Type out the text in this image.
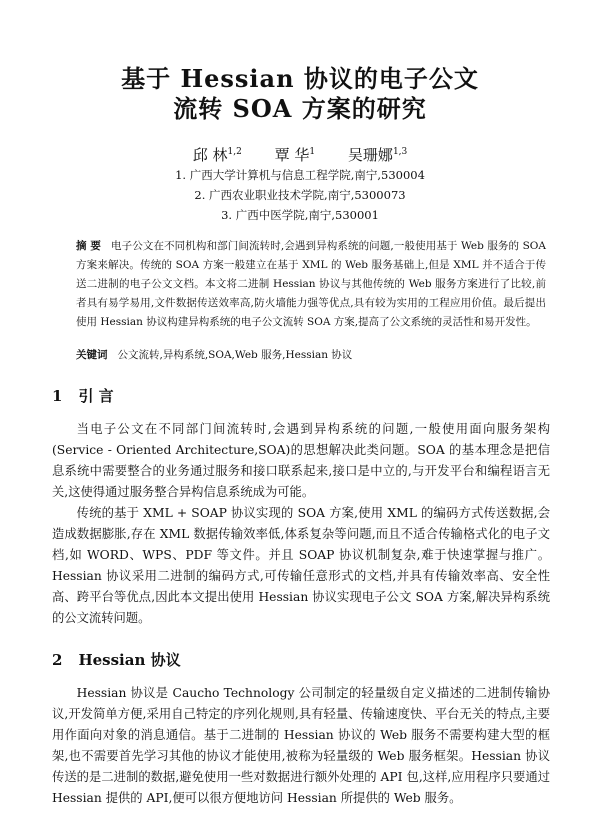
基于 Hessian 协议的电子公文
流转 SOA 方案的研究
邱 林$^{1,2}$ 覃 华$^1$ 吴珊娜$^{1,3}$
1. 广西大学计算机与信息工程学院,南宁,530004
2. 广西农业职业技术学院,南宁,5300073
3. 广西中医学院,南宁,530001
摘 要 电子公文在不同机构和部门间流转时,会遇到异构系统的问题,一般使用基于 Web 服务的 SOA 方案来解决。传统的 SOA 方案一般建立在基于 XML 的 Web 服务基础上,但是 XML 并不适合于传送二进制的电子公文文档。本文将二进制 Hessian 协议与其他传统的 Web 服务方案进行了比较,前者具有易学易用,文件数据传送效率高,防火墙能力强等优点,具有较为实用的工程应用价值。最后提出使用 Hessian 协议构建异构系统的电子公文流转 SOA 方案,提高了公文系统的灵活性和易开发性。
关键词 公文流转,异构系统,SOA,Web 服务,Hessian 协议
1 引 言

当电子公文在不同部门间流转时,会遇到异构系统的问题,一般使用面向服务架构(Service - Oriented Architecture,SOA)的思想解决此类问题。SOA 的基本理念是把信息系统中需要整合的业务通过服务和接口联系起来,接口是中立的,与开发平台和编程语言无关,这使得通过服务整合异构信息系统成为可能。

传统的基于 XML + SOAP 协议实现的 SOA 方案,使用 XML 的编码方式传送数据,会造成数据膨胀,存在 XML 数据传输效率低,体系复杂等问题,而且不适合传输格式化的电子文档,如 WORD、WPS、PDF 等文件。并且 SOAP 协议机制复杂,难于快速掌握与推广。Hessian 协议采用二进制的编码方式,可传输任意形式的文档,并具有传输效率高、安全性高、跨平台等优点,因此本文提出使用 Hessian 协议实现电子公文 SOA 方案,解决异构系统的公文流转问题。

2 Hessian 协议

Hessian 协议是 Caucho Technology 公司制定的轻量级自定义描述的二进制传输协议,开发简单方便,采用自己特定的序列化规则,具有轻量、传输速度快、平台无关的特点,主要用作面向对象的消息通信。基于二进制的 Hessian 协议的 Web 服务不需要构建大型的框架,也不需要首先学习其他的协议才能使用,被称为轻量级的 Web 服务框架。Hessian 协议传送的是二进制的数据,避免使用一些对数据进行额外处理的 API 包,这样,应用程序只要通过 Hessian 提供的 API,便可以很方便地访问 Hessian 所提供的 Web 服务。
